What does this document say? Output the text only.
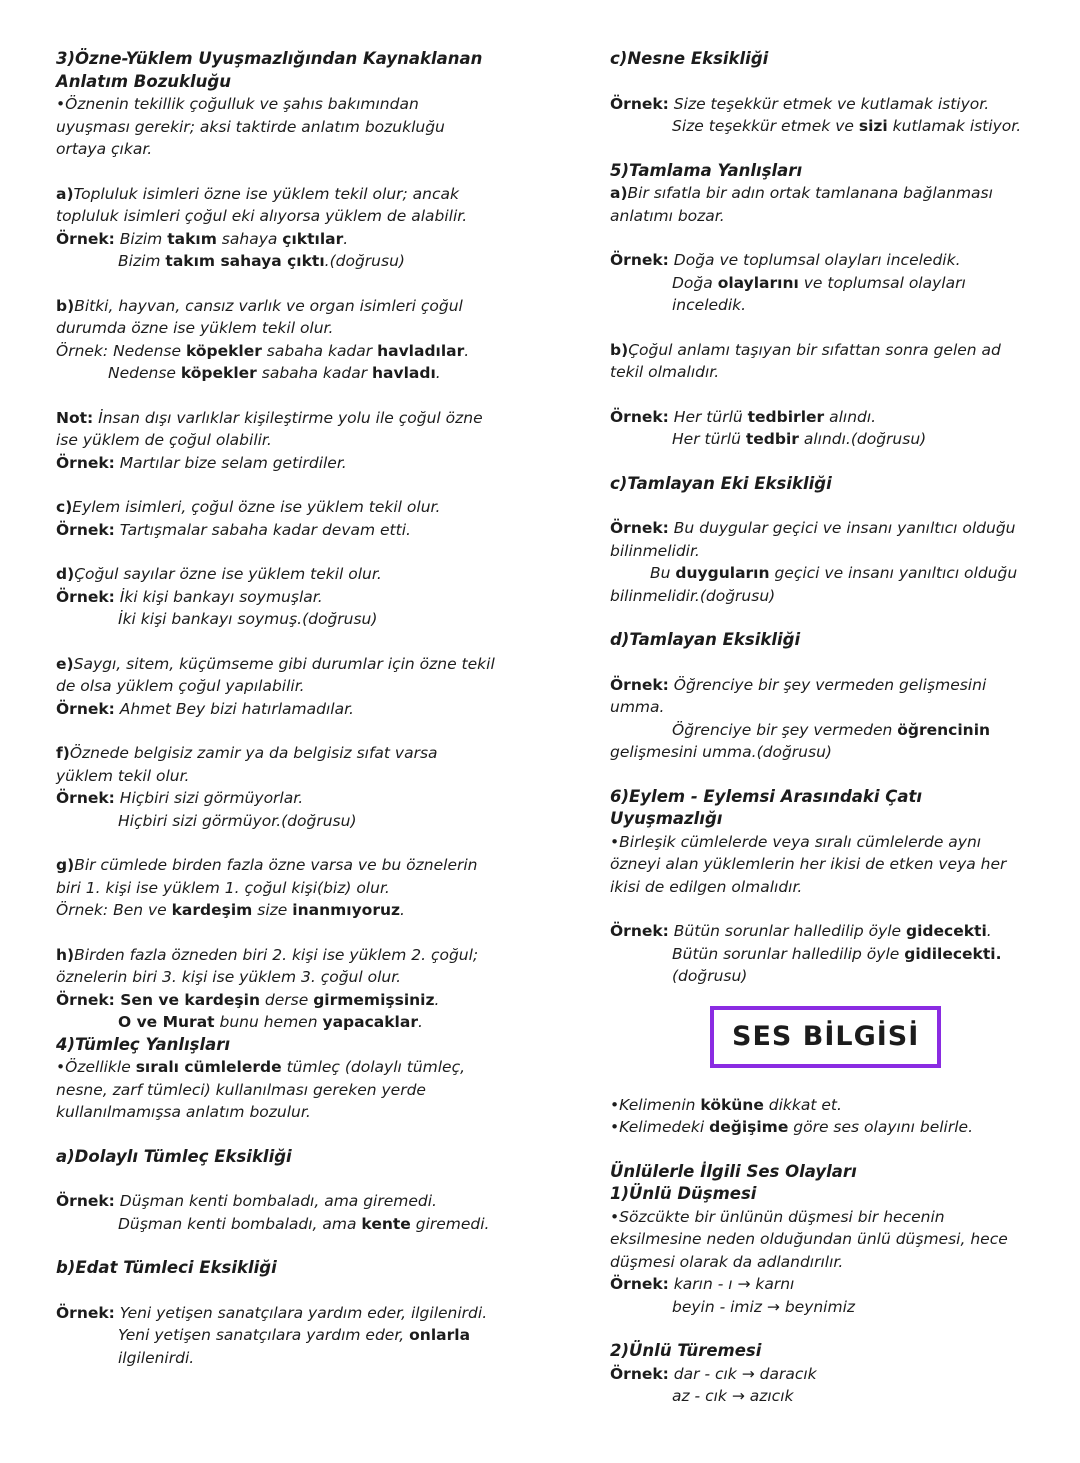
3)Özne-Yüklem Uyuşmazlığından Kaynaklanan
Anlatım Bozukluğu

•Öznenin tekillik çoğulluk ve şahıs bakımından uyuşması gerekir; aksi taktirde anlatım bozukluğu ortaya çıkar.

a)Topluluk isimleri özne ise yüklem tekil olur; ancak topluluk isimleri çoğul eki alıyorsa yüklem de alabilir.

Örnek: Bizim takım sahaya çıktılar.

Bizim takım sahaya çıktı.(doğrusu)

b)Bitki, hayvan, cansız varlık ve organ isimleri çoğul durumda özne ise yüklem tekil olur.

Örnek: Nedense köpekler sabaha kadar havladılar.

Nedense köpekler sabaha kadar havladı.

Not: İnsan dışı varlıklar kişileştirme yolu ile çoğul özne ise yüklem de çoğul olabilir.

Örnek: Martılar bize selam getirdiler.

c)Eylem isimleri, çoğul özne ise yüklem tekil olur.

Örnek: Tartışmalar sabaha kadar devam etti.

d)Çoğul sayılar özne ise yüklem tekil olur.

Örnek: İki kişi bankayı soymuşlar.

İki kişi bankayı soymuş.(doğrusu)

e)Saygı, sitem, küçümseme gibi durumlar için özne tekil de olsa yüklem çoğul yapılabilir.

Örnek: Ahmet Bey bizi hatırlamadılar.

f)Öznede belgisiz zamir ya da belgisiz sıfat varsa yüklem tekil olur.

Örnek: Hiçbiri sizi görmüyorlar.

Hiçbiri sizi görmüyor.(doğrusu)

g)Bir cümlede birden fazla özne varsa ve bu öznelerin biri 1. kişi ise yüklem 1. çoğul kişi(biz) olur.

Örnek: Ben ve kardeşim size inanmıyoruz.

h)Birden fazla özneden biri 2. kişi ise yüklem 2. çoğul; öznelerin biri 3. kişi ise yüklem 3. çoğul olur.

Örnek: Sen ve kardeşin derse girmemişsiniz.

O ve Murat bunu hemen yapacaklar.

4)Tümleç Yanlışları

•Özellikle sıralı cümlelerde tümleç (dolaylı tümleç, nesne, zarf tümleci) kullanılması gereken yerde kullanılmamışsa anlatım bozulur.

a)Dolaylı Tümleç Eksikliği

Örnek: Düşman kenti bombaladı, ama giremedi.

Düşman kenti bombaladı, ama kente giremedi.

b)Edat Tümleci Eksikliği

Örnek: Yeni yetişen sanatçılara yardım eder, ilgilenirdi.

Yeni yetişen sanatçılara yardım eder, onlarla ilgilenirdi.

c)Nesne Eksikliği

Örnek: Size teşekkür etmek ve kutlamak istiyor.

Size teşekkür etmek ve sizi kutlamak istiyor.

5)Tamlama Yanlışları

a)Bir sıfatla bir adın ortak tamlanana bağlanması anlatımı bozar.

Örnek: Doğa ve toplumsal olayları inceledik.

Doğa olaylarını ve toplumsal olayları inceledik.

b)Çoğul anlamı taşıyan bir sıfattan sonra gelen ad tekil olmalıdır.

Örnek: Her türlü tedbirler alındı.

Her türlü tedbir alındı.(doğrusu)

c)Tamlayan Eki Eksikliği

Örnek: Bu duygular geçici ve insanı yanıltıcı olduğu bilinmelidir.

Bu duyguların geçici ve insanı yanıltıcı olduğu bilinmelidir.(doğrusu)

d)Tamlayan Eksikliği

Örnek: Öğrenciye bir şey vermeden gelişmesini umma.

Öğrenciye bir şey vermeden öğrencinin gelişmesini umma.(doğrusu)

6)Eylem - Eylemsi Arasındaki Çatı Uyuşmazlığı

•Birleşik cümlelerde veya sıralı cümlelerde aynı özneyi alan yüklemlerin her ikisi de etken veya her ikisi de edilgen olmalıdır.

Örnek: Bütün sorunlar halledilip öyle gidecekti.

Bütün sorunlar halledilip öyle gidilecekti.(doğrusu)

SES BİLGİSİ

•Kelimenin köküne dikkat et.

•Kelimedeki değişime göre ses olayını belirle.

Ünlülerle İlgili Ses Olayları

1)Ünlü Düşmesi

•Sözcükte bir ünlünün düşmesi bir hecenin eksilmesine neden olduğundan ünlü düşmesi, hece düşmesi olarak da adlandırılır.

Örnek: karın - ı → karnı

beyin - imiz → beynimiz

2)Ünlü Türemesi

Örnek: dar - cık → daracık

az - cık → azıcık
